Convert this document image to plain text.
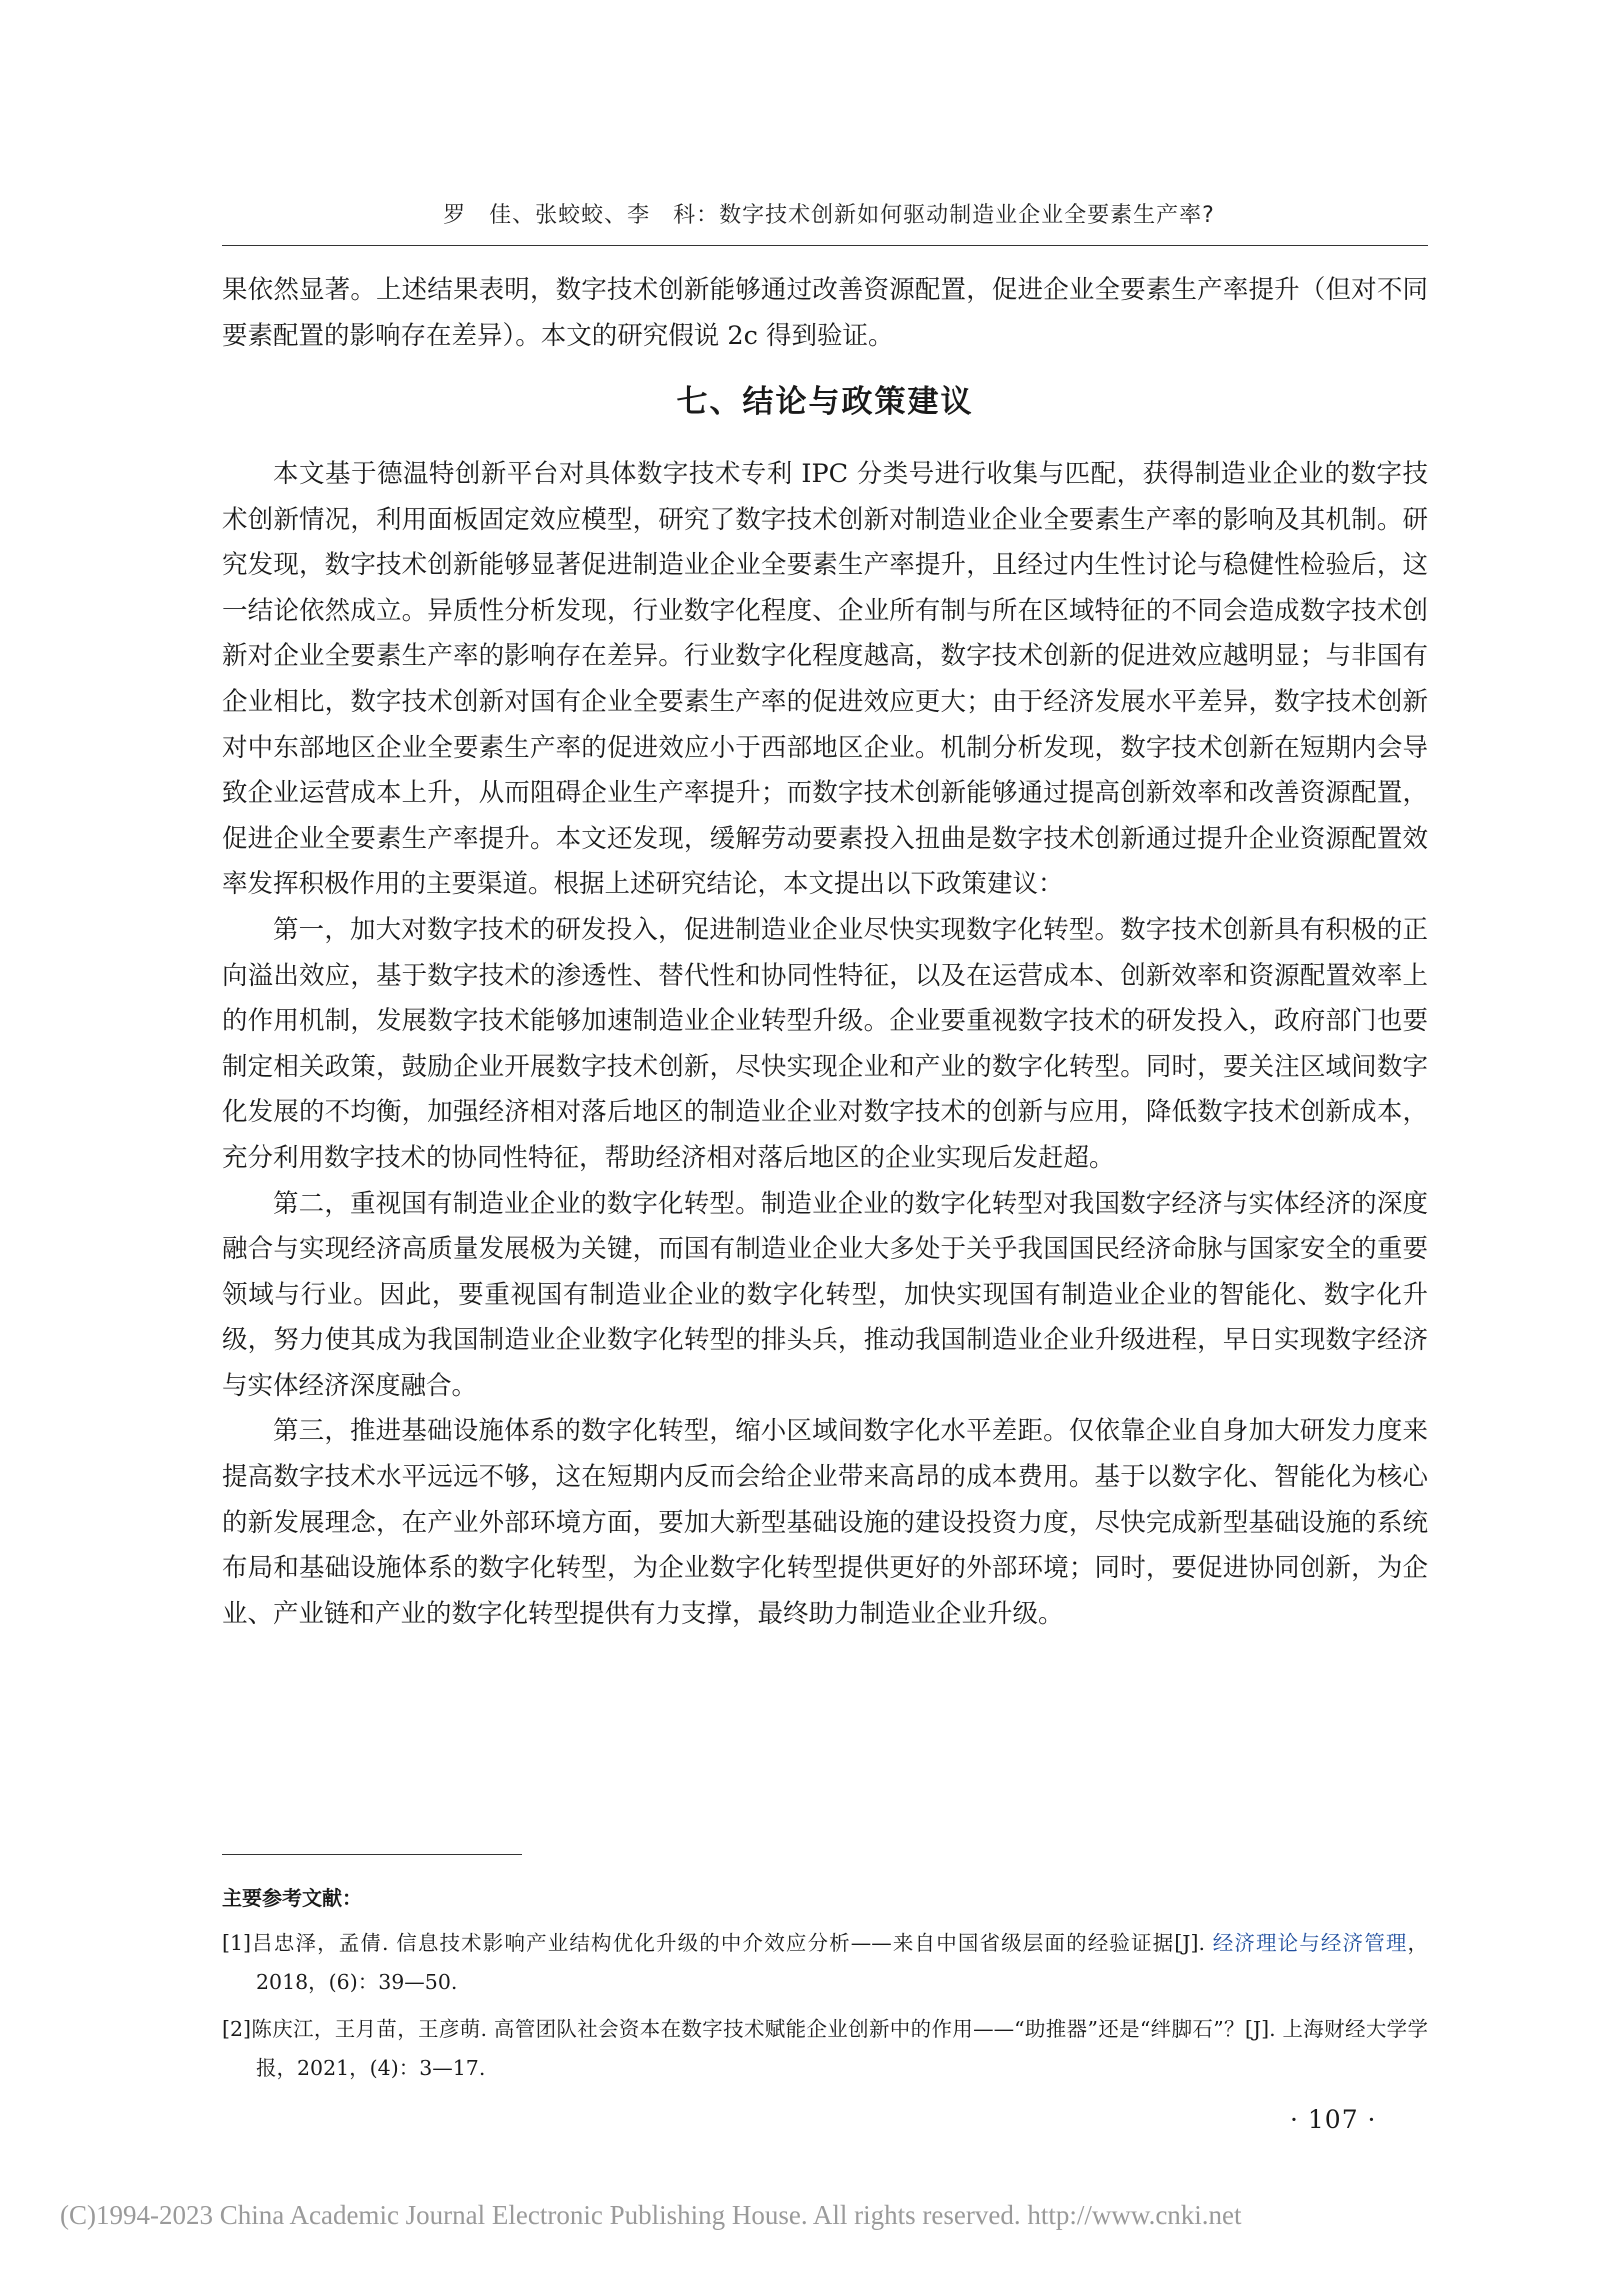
罗　佳、张蛟蛟、李　科：数字技术创新如何驱动制造业企业全要素生产率?

果依然显著。上述结果表明，数字技术创新能够通过改善资源配置，促进企业全要素生产率提升（但对不同要素配置的影响存在差异）。本文的研究假说 2c 得到验证。

七、结论与政策建议

本文基于德温特创新平台对具体数字技术专利 IPC 分类号进行收集与匹配，获得制造业企业的数字技术创新情况，利用面板固定效应模型，研究了数字技术创新对制造业企业全要素生产率的影响及其机制。研究发现，数字技术创新能够显著促进制造业企业全要素生产率提升，且经过内生性讨论与稳健性检验后，这一结论依然成立。异质性分析发现，行业数字化程度、企业所有制与所在区域特征的不同会造成数字技术创新对企业全要素生产率的影响存在差异。行业数字化程度越高，数字技术创新的促进效应越明显；与非国有企业相比，数字技术创新对国有企业全要素生产率的促进效应更大；由于经济发展水平差异，数字技术创新对中东部地区企业全要素生产率的促进效应小于西部地区企业。机制分析发现，数字技术创新在短期内会导致企业运营成本上升，从而阻碍企业生产率提升；而数字技术创新能够通过提高创新效率和改善资源配置，促进企业全要素生产率提升。本文还发现，缓解劳动要素投入扭曲是数字技术创新通过提升企业资源配置效率发挥积极作用的主要渠道。根据上述研究结论，本文提出以下政策建议：

第一，加大对数字技术的研发投入，促进制造业企业尽快实现数字化转型。数字技术创新具有积极的正向溢出效应，基于数字技术的渗透性、替代性和协同性特征，以及在运营成本、创新效率和资源配置效率上的作用机制，发展数字技术能够加速制造业企业转型升级。企业要重视数字技术的研发投入，政府部门也要制定相关政策，鼓励企业开展数字技术创新，尽快实现企业和产业的数字化转型。同时，要关注区域间数字化发展的不均衡，加强经济相对落后地区的制造业企业对数字技术的创新与应用，降低数字技术创新成本，充分利用数字技术的协同性特征，帮助经济相对落后地区的企业实现后发赶超。

第二，重视国有制造业企业的数字化转型。制造业企业的数字化转型对我国数字经济与实体经济的深度融合与实现经济高质量发展极为关键，而国有制造业企业大多处于关乎我国国民经济命脉与国家安全的重要领域与行业。因此，要重视国有制造业企业的数字化转型，加快实现国有制造业企业的智能化、数字化升级，努力使其成为我国制造业企业数字化转型的排头兵，推动我国制造业企业升级进程，早日实现数字经济与实体经济深度融合。

第三，推进基础设施体系的数字化转型，缩小区域间数字化水平差距。仅依靠企业自身加大研发力度来提高数字技术水平远远不够，这在短期内反而会给企业带来高昂的成本费用。基于以数字化、智能化为核心的新发展理念，在产业外部环境方面，要加大新型基础设施的建设投资力度，尽快完成新型基础设施的系统布局和基础设施体系的数字化转型，为企业数字化转型提供更好的外部环境；同时，要促进协同创新，为企业、产业链和产业的数字化转型提供有力支撑，最终助力制造业企业升级。

主要参考文献：

[1]吕忠泽，孟倩. 信息技术影响产业结构优化升级的中介效应分析——来自中国省级层面的经验证据[J]. 经济理论与经济管理，2018，(6)：39—50.

[2]陈庆江，王月苗，王彦萌. 高管团队社会资本在数字技术赋能企业创新中的作用——“助推器”还是“绊脚石”？[J]. 上海财经大学学报，2021，(4)：3—17.

· 107 ·
(C)1994-2023 China Academic Journal Electronic Publishing House. All rights reserved. http://www.cnki.net
